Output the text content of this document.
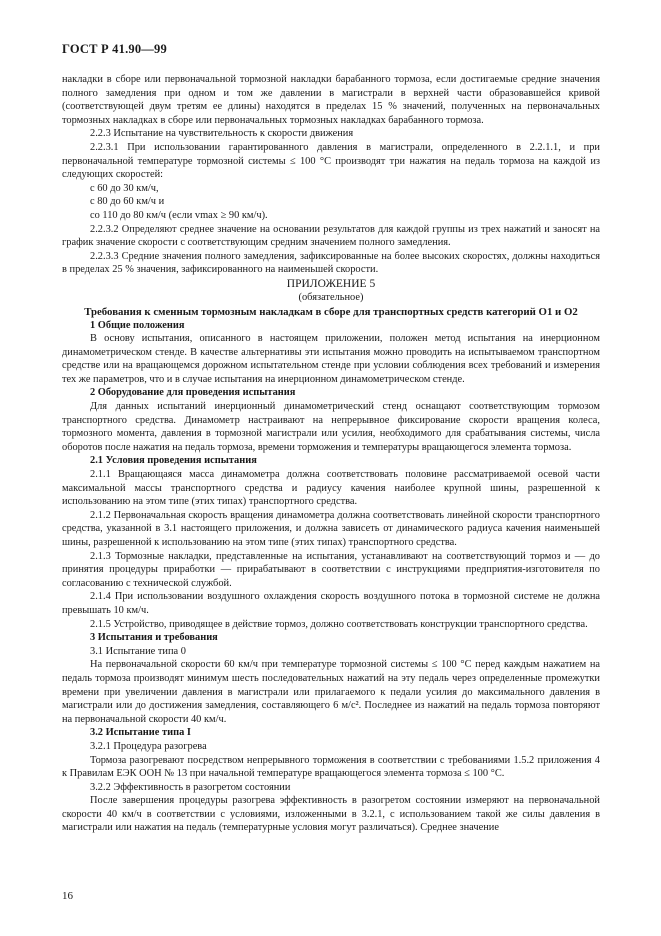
ГОСТ Р 41.90—99

накладки в сборе или первоначальной тормозной накладки барабанного тормоза, если достигаемые средние значения полного замедления при одном и том же давлении в магистрали в верхней части образовавшейся кривой (соответствующей двум третям ее длины) находятся в пределах 15 % значений, полученных на первоначальных тормозных накладках в сборе или первоначальных тормозных накладках барабанного тормоза.

2.2.3 Испытание на чувствительность к скорости движения

2.2.3.1 При использовании гарантированного давления в магистрали, определенного в 2.2.1.1, и при первоначальной температуре тормозной системы ≤ 100 °С производят три нажатия на педаль тормоза на каждой из следующих скоростей:

с 60 до 30 км/ч,

с 80 до 60 км/ч и

со 110 до 80 км/ч (если vmax ≥ 90 км/ч).

2.2.3.2 Определяют среднее значение на основании результатов для каждой группы из трех нажатий и заносят на график значение скорости с соответствующим средним значением полного замедления.

2.2.3.3 Средние значения полного замедления, зафиксированные на более высоких скоростях, должны находиться в пределах 25 % значения, зафиксированного на наименьшей скорости.

ПРИЛОЖЕНИЕ 5

(обязательное)

Требования к сменным тормозным накладкам в сборе для транспортных средств категорий O1 и O2

1 Общие положения

В основу испытания, описанного в настоящем приложении, положен метод испытания на инерционном динамометрическом стенде. В качестве альтернативы эти испытания можно проводить на испытываемом транспортном средстве или на вращающемся дорожном испытательном стенде при условии соблюдения всех требований и измерения тех же параметров, что и в случае испытания на инерционном динамометрическом стенде.

2 Оборудование для проведения испытания

Для данных испытаний инерционный динамометрический стенд оснащают соответствующим тормозом транспортного средства. Динамометр настраивают на непрерывное фиксирование скорости вращения колеса, тормозного момента, давления в тормозной магистрали или усилия, необходимого для срабатывания системы, числа оборотов после нажатия на педаль тормоза, времени торможения и температуры вращающегося элемента тормоза.

2.1 Условия проведения испытания

2.1.1 Вращающаяся масса динамометра должна соответствовать половине рассматриваемой осевой части максимальной массы транспортного средства и радиусу качения наиболее крупной шины, разрешенной к использованию на этом типе (этих типах) транспортного средства.

2.1.2 Первоначальная скорость вращения динамометра должна соответствовать линейной скорости транспортного средства, указанной в 3.1 настоящего приложения, и должна зависеть от динамического радиуса качения наименьшей шины, разрешенной к использованию на этом типе (этих типах) транспортного средства.

2.1.3 Тормозные накладки, представленные на испытания, устанавливают на соответствующий тормоз и — до принятия процедуры приработки — прирабатывают в соответствии с инструкциями предприятия-изготовителя по согласованию с технической службой.

2.1.4 При использовании воздушного охлаждения скорость воздушного потока в тормозной системе не должна превышать 10 км/ч.

2.1.5 Устройство, приводящее в действие тормоз, должно соответствовать конструкции транспортного средства.

3 Испытания и требования

3.1 Испытание типа 0

На первоначальной скорости 60 км/ч при температуре тормозной системы ≤ 100 °С перед каждым нажатием на педаль тормоза производят минимум шесть последовательных нажатий на эту педаль через определенные промежутки времени при увеличении давления в магистрали или прилагаемого к педали усилия до максимального давления в магистрали или до достижения замедления, составляющего 6 м/с². Последнее из нажатий на педаль тормоза повторяют на первоначальной скорости 40 км/ч.

3.2 Испытание типа I

3.2.1 Процедура разогрева

Тормоза разогревают посредством непрерывного торможения в соответствии с требованиями 1.5.2 приложения 4 к Правилам ЕЭК ООН № 13 при начальной температуре вращающегося элемента тормоза ≤ 100 °С.

3.2.2 Эффективность в разогретом состоянии

После завершения процедуры разогрева эффективность в разогретом состоянии измеряют на первоначальной скорости 40 км/ч в соответствии с условиями, изложенными в 3.2.1, с использованием такой же силы давления в магистрали или нажатия на педаль (температурные условия могут различаться). Среднее значение

16
